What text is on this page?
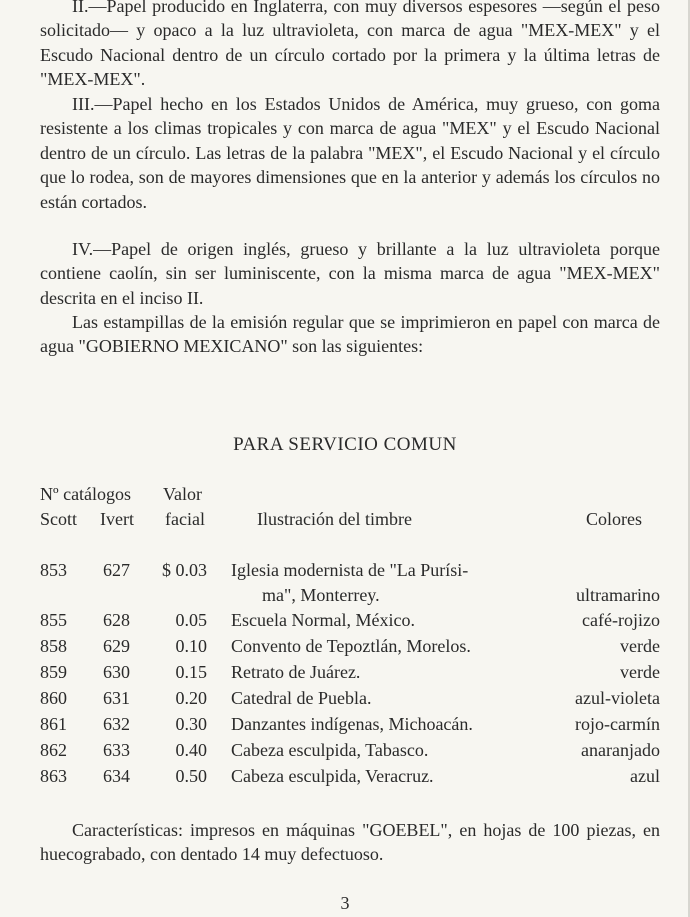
II.—Papel producido en Inglaterra, con muy diversos espesores —según el peso solicitado— y opaco a la luz ultravioleta, con marca de agua "MEX-MEX" y el Escudo Nacional dentro de un círculo cortado por la primera y la última letras de "MEX-MEX".

III.—Papel hecho en los Estados Unidos de América, muy grueso, con goma resistente a los climas tropicales y con marca de agua "MEX" y el Escudo Nacional dentro de un círculo. Las letras de la palabra "MEX", el Escudo Nacional y el círculo que lo rodea, son de mayores dimensiones que en la anterior y además los círculos no están cortados.

IV.—Papel de origen inglés, grueso y brillante a la luz ultravioleta porque contiene caolín, sin ser luminiscente, con la misma marca de agua "MEX-MEX" descrita en el inciso II.

Las estampillas de la emisión regular que se imprimieron en papel con marca de agua "GOBIERNO MEXICANO" son las siguientes:

PARA SERVICIO COMUN
Nº catálogos Valor
Scott Ivert facial	Ilustración del timbre	Colores
853 627 $ 0.03 Iglesia modernista de "La Purísi-
ma", Monterrey.	ultramarino
855 628	0.05 Escuela Normal, México.	café-rojizo
858 629	0.10 Convento de Tepoztlán, Morelos.	verde
859 630	0.15 Retrato de Juárez.	verde
860 631	0.20 Catedral de Puebla.	azul-violeta
861 632	0.30 Danzantes indígenas, Michoacán.	rojo-carmín
862 633	0.40 Cabeza esculpida, Tabasco.	anaranjado
863 634	0.50 Cabeza esculpida, Veracruz.	azul

Características: impresos en máquinas "GOEBEL", en hojas de 100 piezas, en huecograbado, con dentado 14 muy defectuoso.

3
